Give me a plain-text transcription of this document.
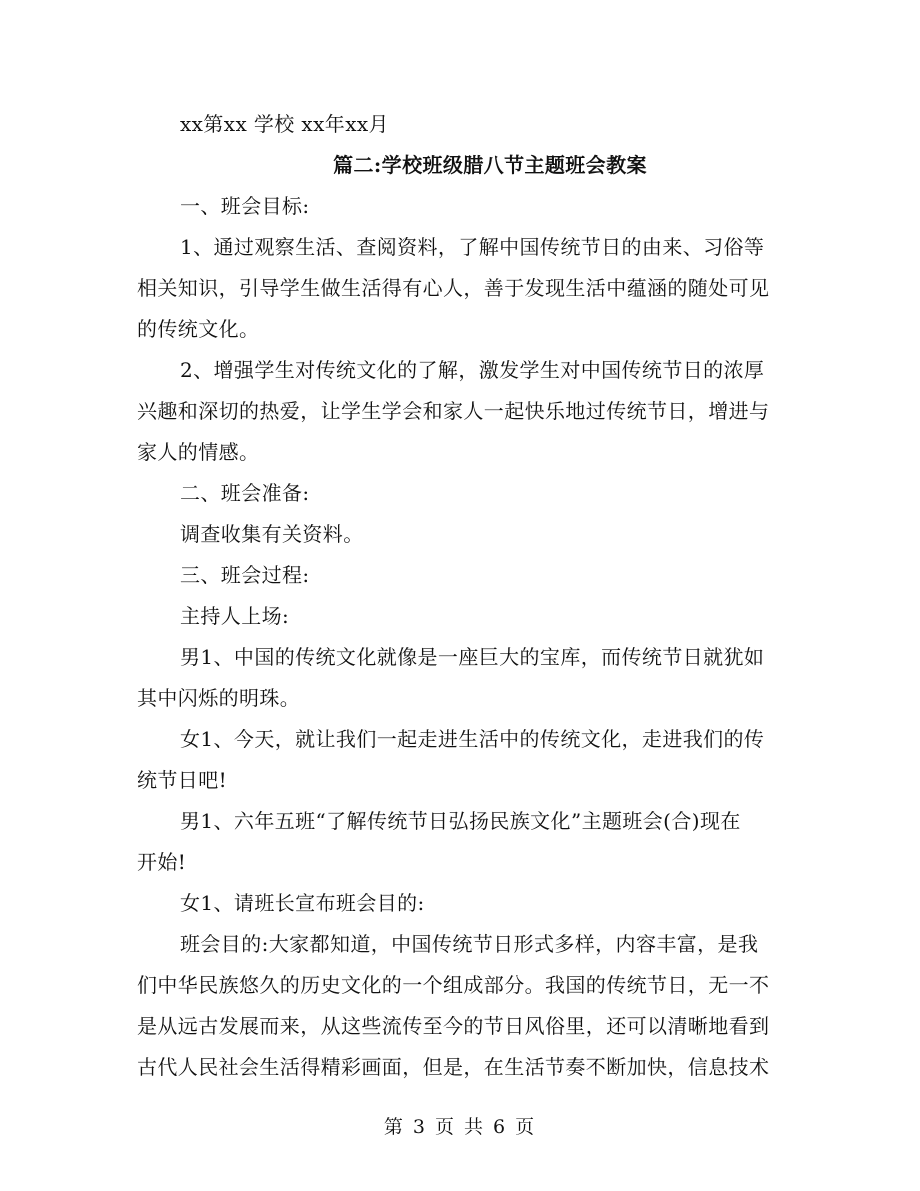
xx第xx 学校 xx年xx月
篇二:学校班级腊八节主题班会教案
一、班会目标:
1、通过观察生活、查阅资料，了解中国传统节日的由来、习俗等
相关知识，引导学生做生活得有心人，善于发现生活中蕴涵的随处可见
的传统文化。
2、增强学生对传统文化的了解，激发学生对中国传统节日的浓厚
兴趣和深切的热爱，让学生学会和家人一起快乐地过传统节日，增进与
家人的情感。
二、班会准备:
调查收集有关资料。
三、班会过程:
主持人上场:
男1、中国的传统文化就像是一座巨大的宝库，而传统节日就犹如
其中闪烁的明珠。
女1、今天，就让我们一起走进生活中的传统文化，走进我们的传
统节日吧!
男1、六年五班“了解传统节日弘扬民族文化”主题班会(合)现在
开始!
女1、请班长宣布班会目的:
班会目的:大家都知道，中国传统节日形式多样，内容丰富，是我
们中华民族悠久的历史文化的一个组成部分。我国的传统节日，无一不
是从远古发展而来，从这些流传至今的节日风俗里，还可以清晰地看到
古代人民社会生活得精彩画面，但是，在生活节奏不断加快，信息技术
第 3 页 共 6 页
